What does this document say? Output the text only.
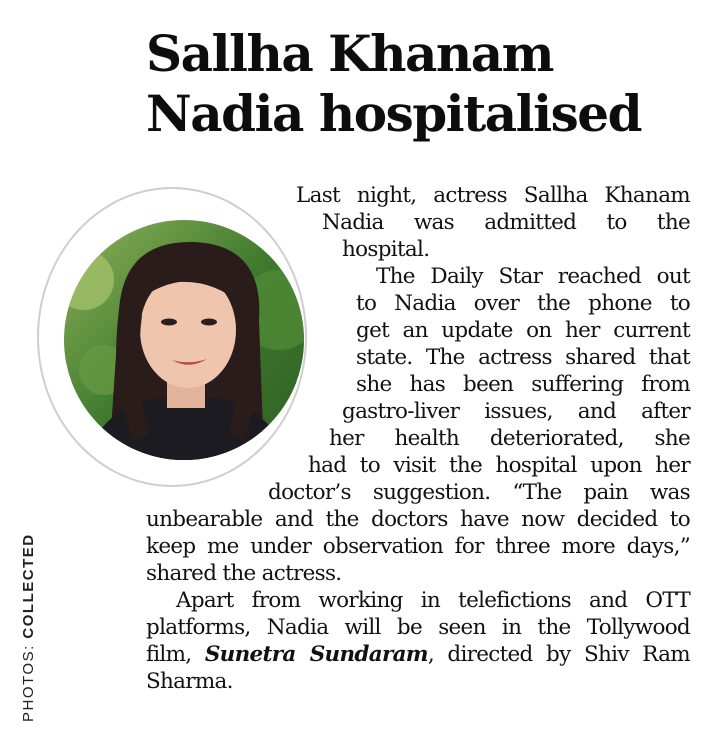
Sallha Khanam
Nadia hospitalised
PHOTOS: COLLECTED
Last night, actress Sallha Khanam
Nadia was admitted to the
hospital.
The Daily Star reached out
to Nadia over the phone to
get an update on her current
state. The actress shared that
she has been suffering from
gastro-liver issues, and after
her health deteriorated, she
had to visit the hospital upon her
doctor’s suggestion. “The pain was
unbearable and the doctors have now decided to
keep me under observation for three more days,”
shared the actress.
Apart from working in telefictions and OTT
platforms, Nadia will be seen in the Tollywood
film, Sunetra Sundaram, directed by Shiv Ram
Sharma.
